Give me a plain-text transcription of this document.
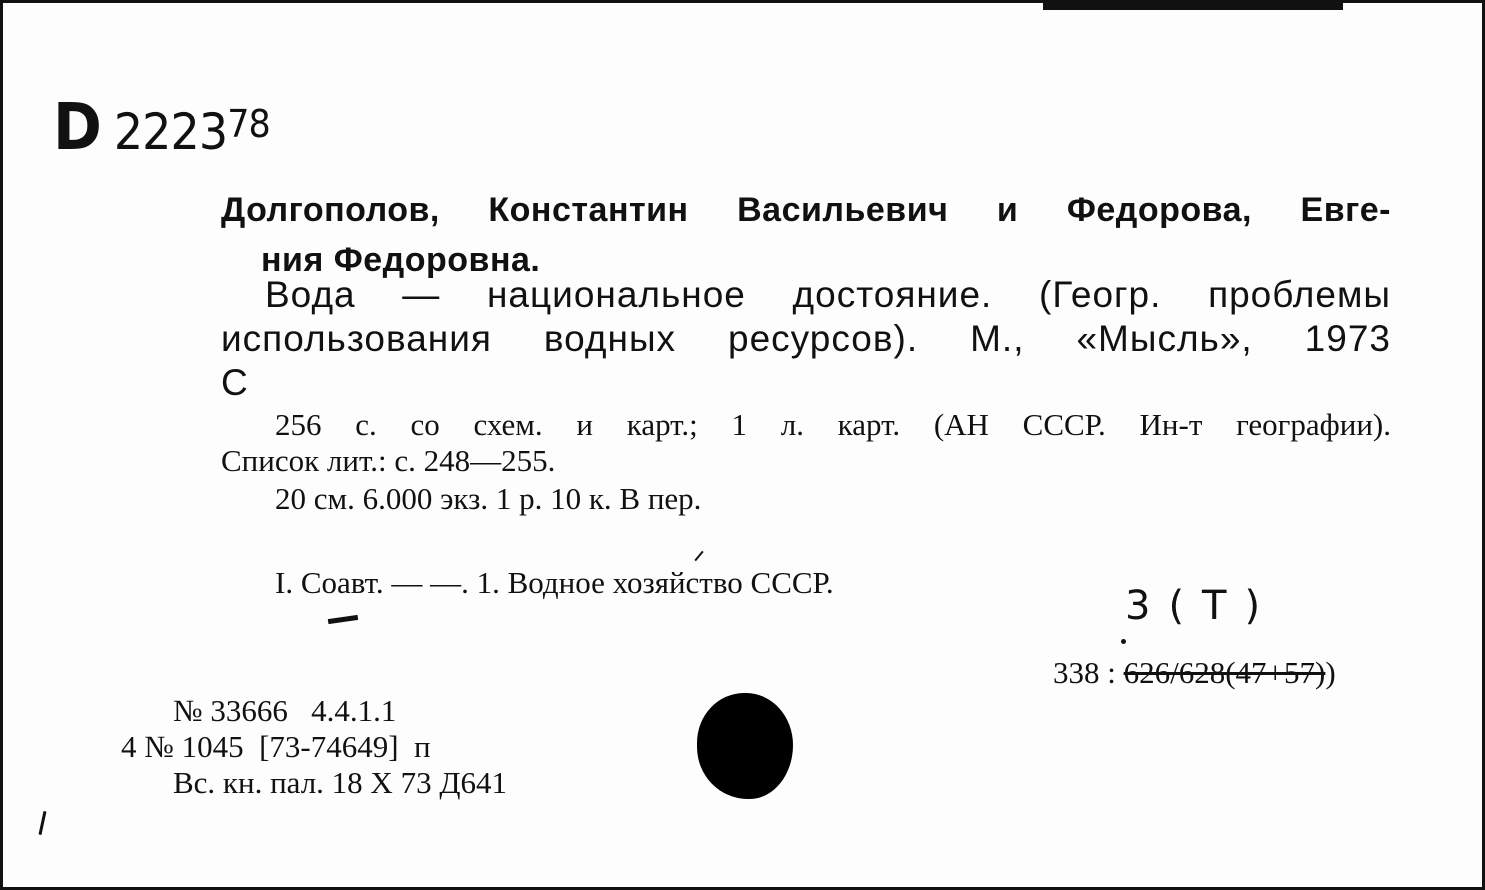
D 2223$^{78}$
Долгополов, Константин Васильевич и Федорова, Евге-
ния Федоровна.
Вода — национальное достояние. (Геогр. проблемы
использования водных ресурсов). М., «Мысль», 1973
С
256 с. со схем. и карт.; 1 л. карт. (АН СССР. Ин-т географии).
Список лит.: с. 248—255.
20 см. 6.000 экз. 1 р. 10 к. В пер.
I. Соавт. — —. 1. Водное хозяйство СССР.
3(Т)
338 : 626/628(47+57))
№ 33666   4.4.1.1
4 № 1045  [73-74649]  п
Вс. кн. пал. 18 X 73 Д641
